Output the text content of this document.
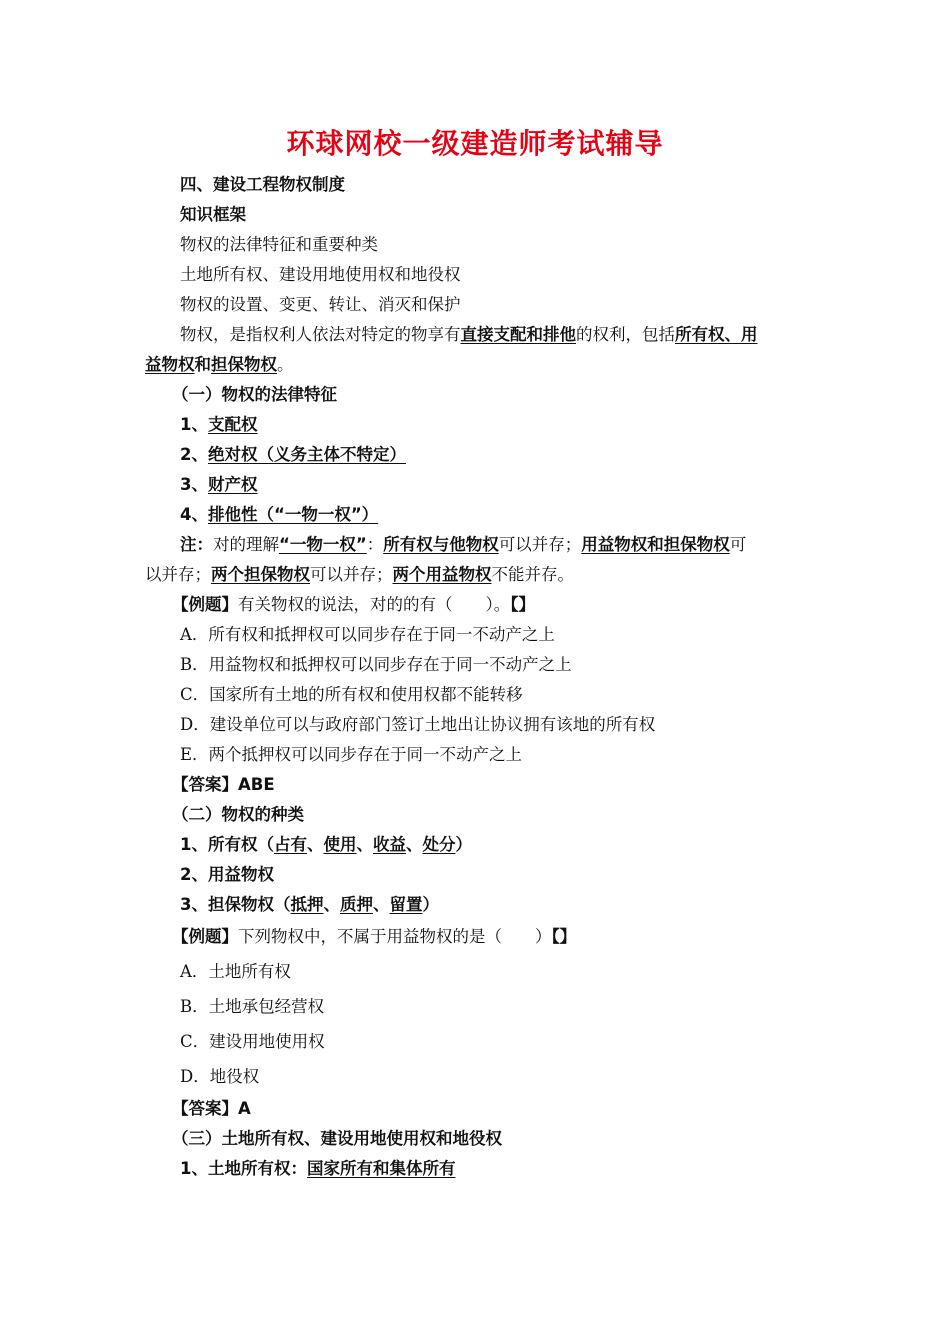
环球网校一级建造师考试辅导
四、建设工程物权制度
知识框架
物权的法律特征和重要种类
土地所有权、建设用地使用权和地役权
物权的设置、变更、转让、消灭和保护
物权，是指权利人依法对特定的物享有直接支配和排他的权利，包括所有权、用
益物权和担保物权。
（一）物权的法律特征
1、支配权
2、绝对权（义务主体不特定）
3、财产权
4、排他性（“一物一权”）
注：对的理解“一物一权”：所有权与他物权可以并存；用益物权和担保物权可
以并存；两个担保物权可以并存；两个用益物权不能并存。
【例题】有关物权的说法，对的的有（　　）。【】
A．所有权和抵押权可以同步存在于同一不动产之上
B．用益物权和抵押权可以同步存在于同一不动产之上
C．国家所有土地的所有权和使用权都不能转移
D．建设单位可以与政府部门签订土地出让协议拥有该地的所有权
E．两个抵押权可以同步存在于同一不动产之上
【答案】ABE
（二）物权的种类
1、所有权（占有、使用、收益、处分）
2、用益物权
3、担保物权（抵押、质押、留置）
【例题】下列物权中，不属于用益物权的是（　　）【】
A．土地所有权
B．土地承包经营权
C．建设用地使用权
D．地役权
【答案】A
（三）土地所有权、建设用地使用权和地役权
1、土地所有权：国家所有和集体所有
